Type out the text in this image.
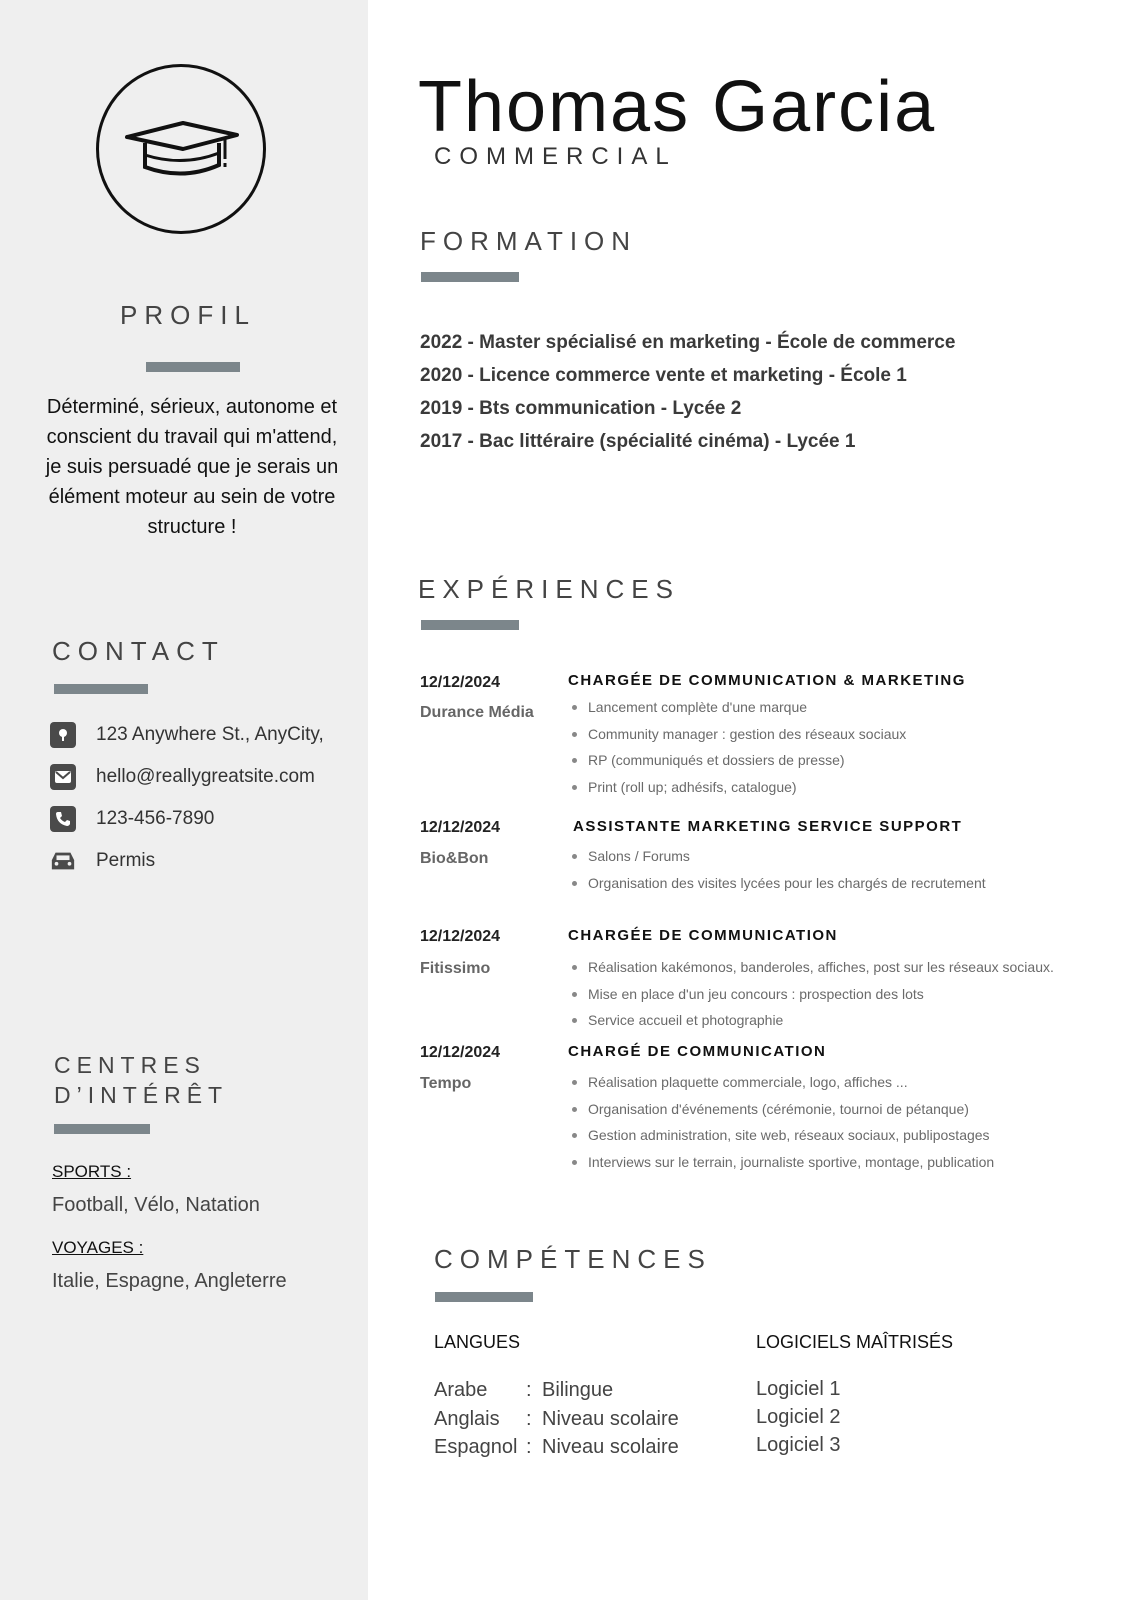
PROFIL
Déterminé, sérieux, autonome et conscient du travail qui m'attend, je suis persuadé que je serais un élément moteur au sein de votre structure !
CONTACT
123 Anywhere St., AnyCity,
hello@reallygreatsite.com
123-456-7890
Permis
CENTRES
D’INTÉRÊT
SPORTS :
Football, Vélo, Natation
VOYAGES :
Italie, Espagne, Angleterre
Thomas Garcia
COMMERCIAL
FORMATION
2022 - Master spécialisé en marketing - École de commerce
2020 - Licence commerce vente et marketing - École 1
2019 - Bts communication - Lycée 2
2017 - Bac littéraire (spécialité cinéma) - Lycée 1
EXPÉRIENCES
12/12/2024
Durance Média
CHARGÉE DE COMMUNICATION & MARKETING
Lancement complète d'une marque
Community manager : gestion des réseaux sociaux
RP (communiqués et dossiers de presse)
Print (roll up; adhésifs, catalogue)
12/12/2024
Bio&Bon
ASSISTANTE MARKETING SERVICE SUPPORT
Salons / Forums
Organisation des visites lycées pour les chargés de recrutement
12/12/2024
Fitissimo
CHARGÉE DE COMMUNICATION
Réalisation kakémonos, banderoles, affiches, post sur les réseaux sociaux.
Mise en place d'un jeu concours : prospection des lots
Service accueil et photographie
12/12/2024
Tempo
CHARGÉ DE COMMUNICATION
Réalisation plaquette commerciale, logo, affiches ...
Organisation d'événements (cérémonie, tournoi de pétanque)
Gestion administration, site web, réseaux sociaux, publipostages
Interviews sur le terrain, journaliste sportive, montage, publication
COMPÉTENCES
LANGUES
Arabe	: Bilingue
Anglais	: Niveau scolaire
Espagnol : Niveau scolaire
LOGICIELS MAÎTRISÉS
Logiciel 1
Logiciel 2
Logiciel 3
